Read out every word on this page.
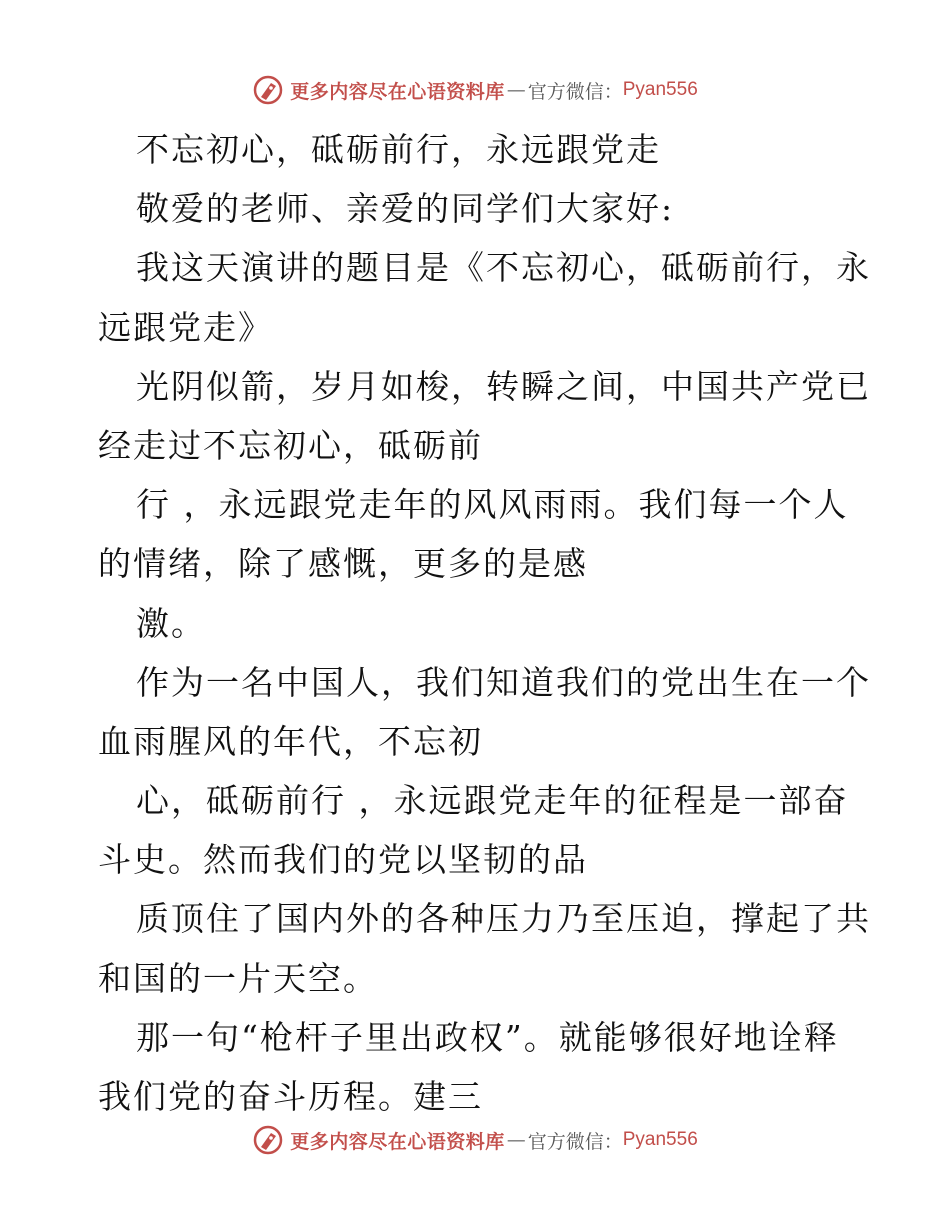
更多内容尽在心语资料库 — 官方微信： Pyan556
不忘初心，砥砺前行，永远跟党走
敬爱的老师、亲爱的同学们大家好:
我这天演讲的题目是《不忘初心，砥砺前行，永
远跟党走》
光阴似箭，岁月如梭，转瞬之间，中国共产党已
经走过不忘初心，砥砺前
行 ，永远跟党走年的风风雨雨。我们每一个人
的情绪，除了感慨，更多的是感
激。
作为一名中国人，我们知道我们的党出生在一个
血雨腥风的年代，不忘初
心，砥砺前行 ，永远跟党走年的征程是一部奋
斗史。然而我们的党以坚韧的品
质顶住了国内外的各种压力乃至压迫，撑起了共
和国的一片天空。
那一句“枪杆子里出政权”。就能够很好地诠释
我们党的奋斗历程。建三
更多内容尽在心语资料库 — 官方微信： Pyan556
